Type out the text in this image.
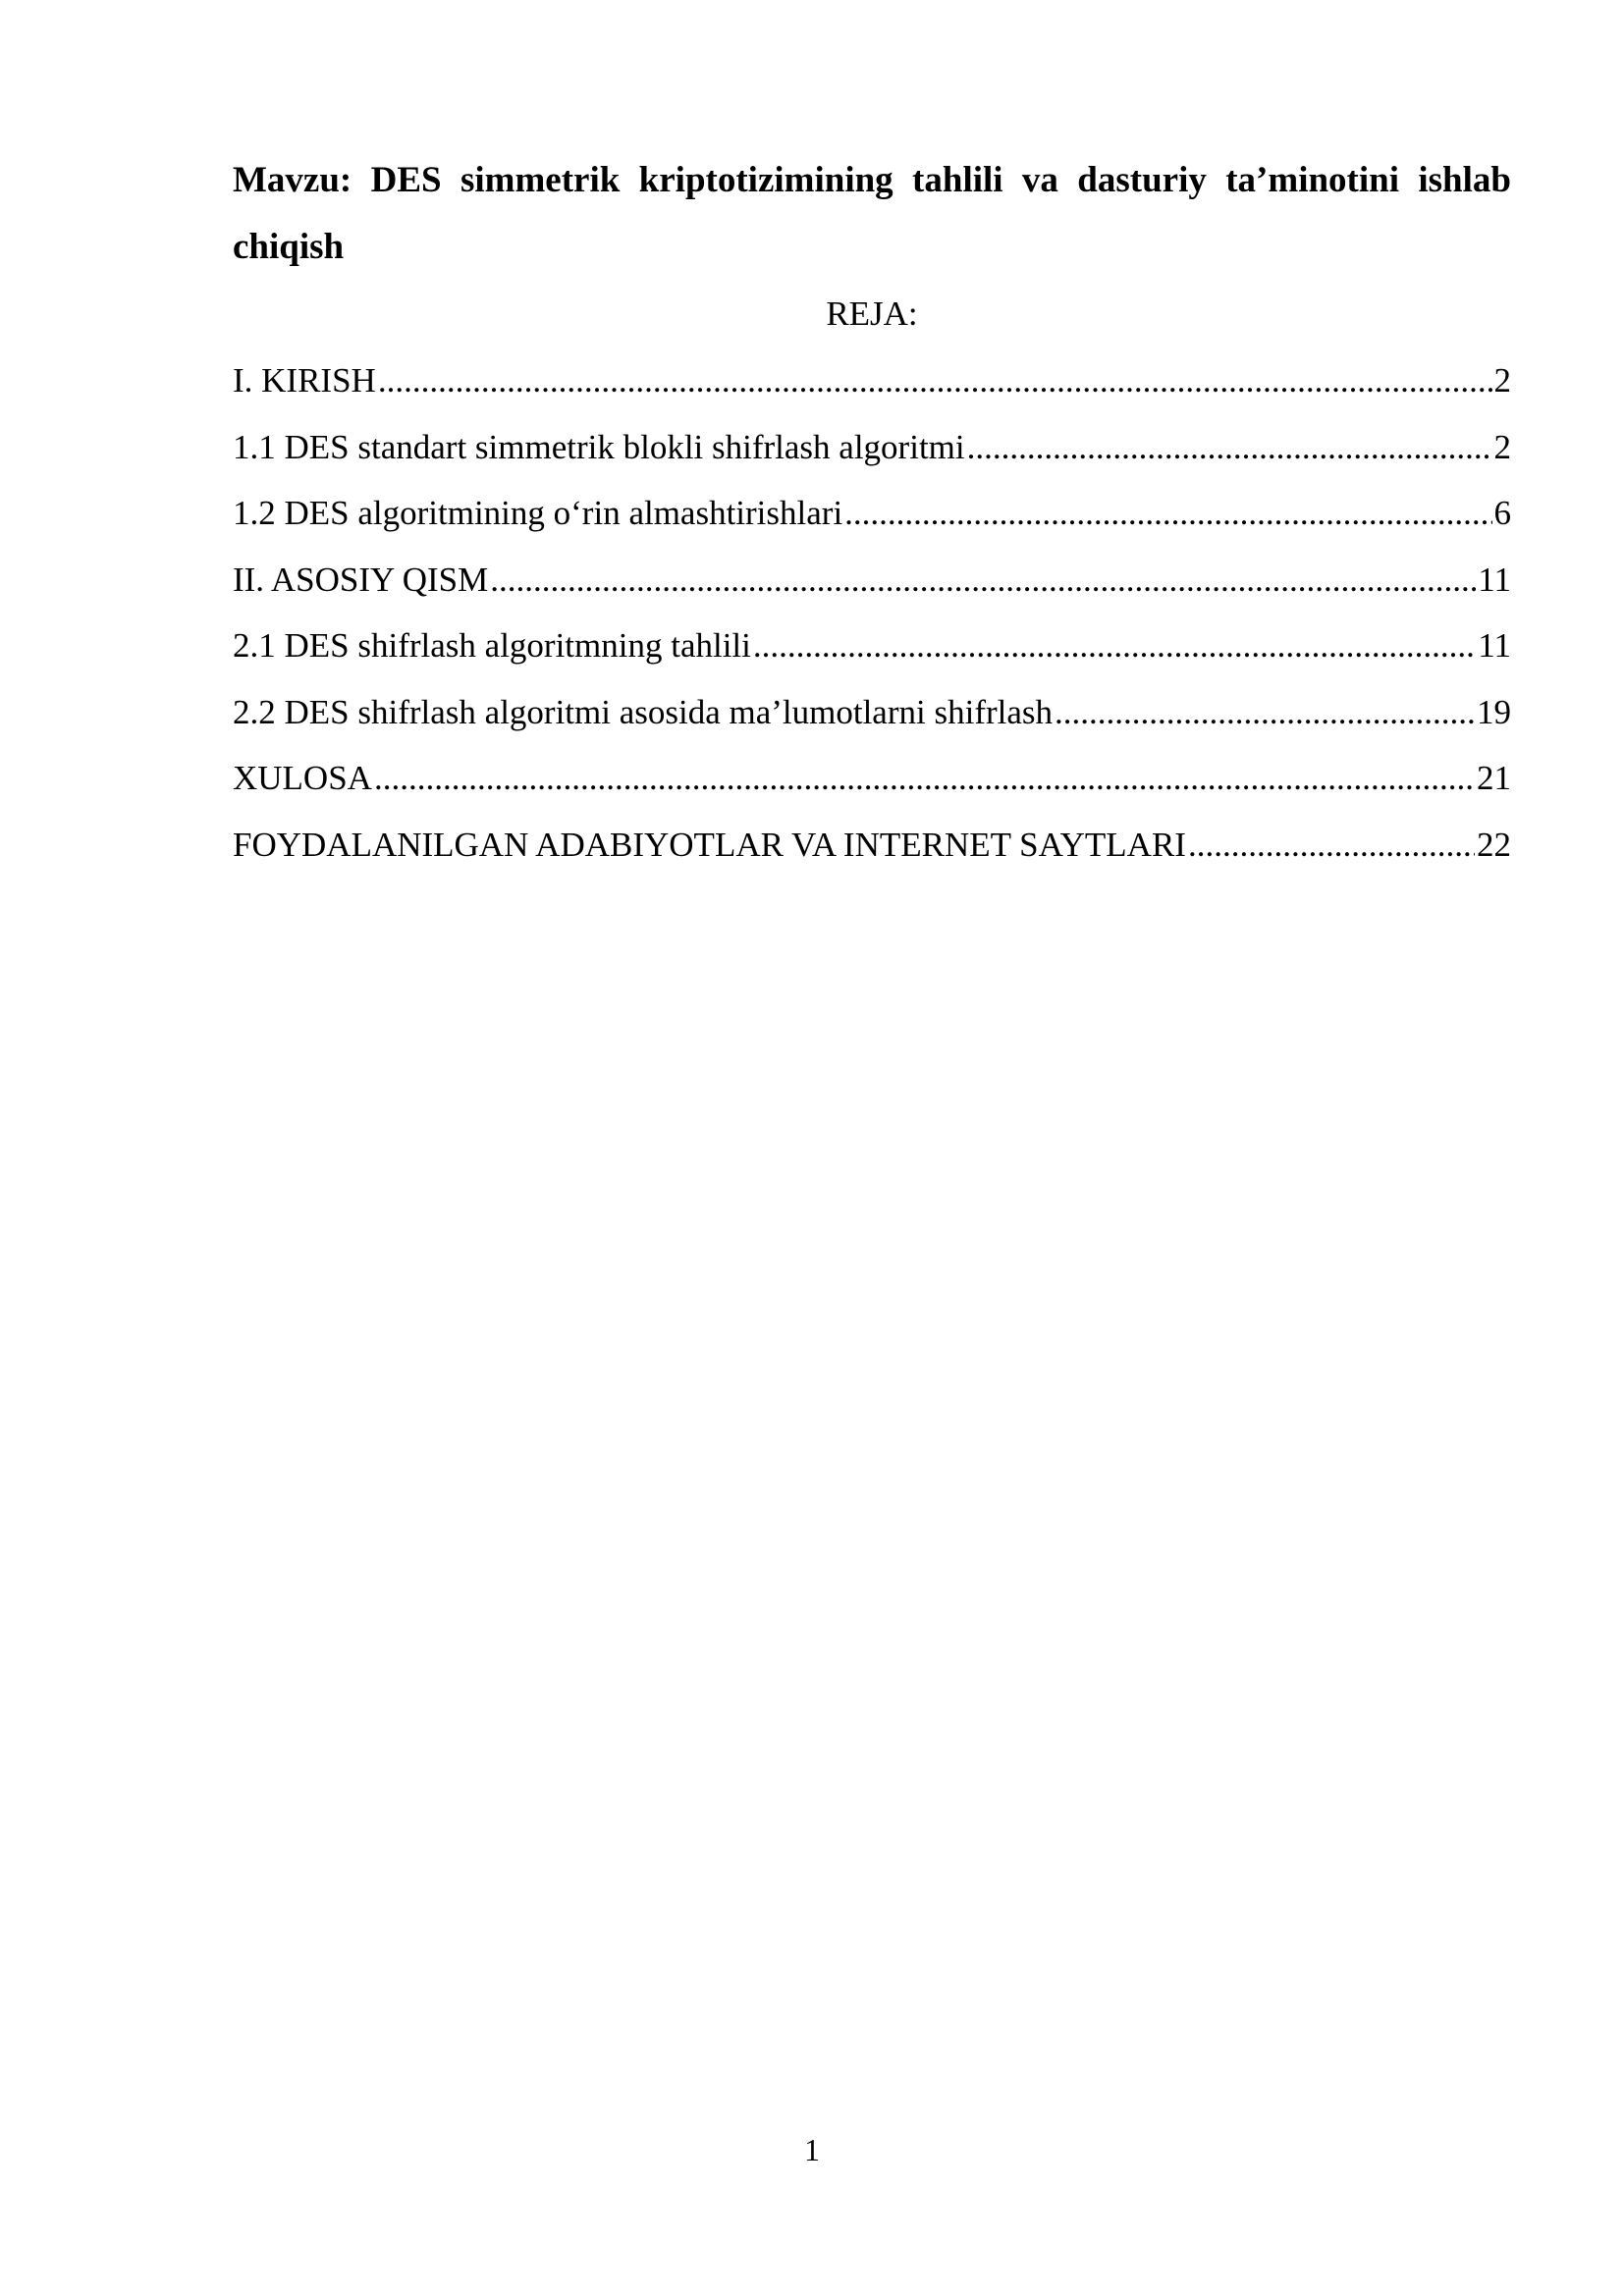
Mavzu: DES simmetrik kriptotizimining tahlili va dasturiy ta’minotini ishlab
chiqish

REJA:

I. KIRISH .....	2
1.1 DES standart simmetrik blokli shifrlash algoritmi .....	2
1.2 DES algoritmining o‘rin almashtirishlari .....	6
II. ASOSIY QISM .....	11
2.1 DES shifrlash algoritmning tahlili .....	11
2.2 DES shifrlash algoritmi asosida ma’lumotlarni shifrlash .....	19
XULOSA .....	21
FOYDALANILGAN ADABIYOTLAR VA INTERNET SAYTLARI .....	22
1
